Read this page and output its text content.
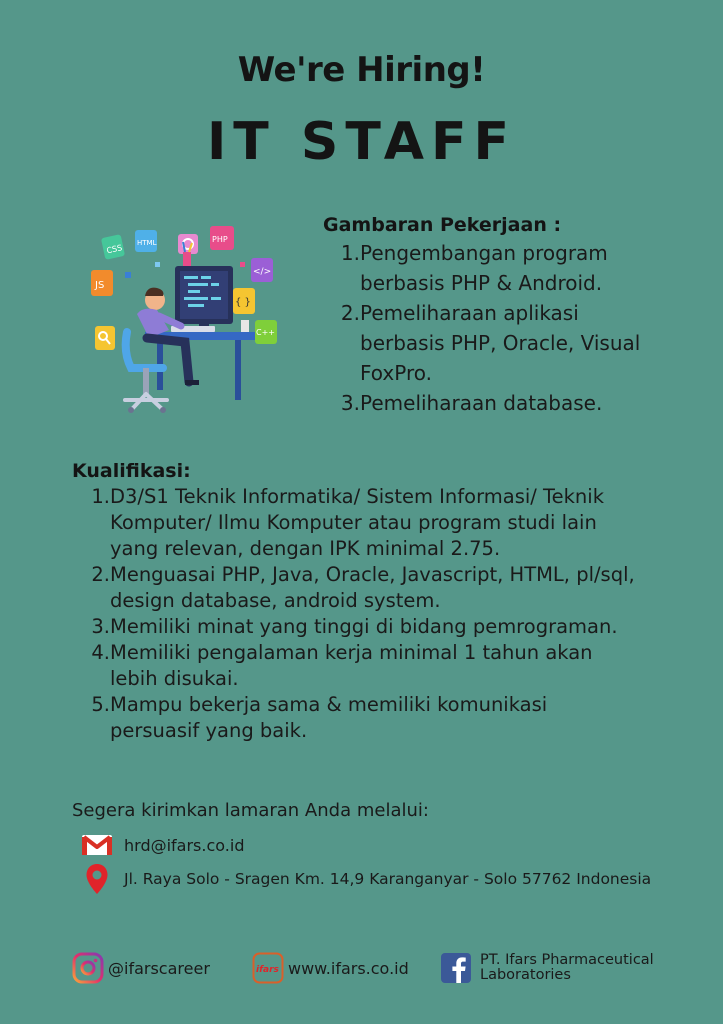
We're Hiring!
IT STAFF
CSS
HTML	PHP
JS
</>
{ }
C++
Gambaran Pekerjaan :
1. Pengembangan program
berbasis PHP & Android.
2. Pemeliharaan aplikasi
berbasis PHP, Oracle, Visual
FoxPro.
3. Pemeliharaan database.
Kualifikasi:
1. D3/S1 Teknik Informatika/ Sistem Informasi/ Teknik
Komputer/ Ilmu Komputer atau program studi lain
yang relevan, dengan IPK minimal 2.75.
2. Menguasai PHP, Java, Oracle, Javascript, HTML, pl/sql,
design database, android system.
3. Memiliki minat yang tinggi di bidang pemrograman.
4. Memiliki pengalaman kerja minimal 1 tahun akan
lebih disukai.
5. Mampu bekerja sama & memiliki komunikasi
persuasif yang baik.
Segera kirimkan lamaran Anda melalui:
hrd@ifars.co.id
Jl. Raya Solo - Sragen Km. 14,9 Karanganyar - Solo 57762 Indonesia
@ifarscareer	ifars www.ifars.co.id	PT. Ifars Pharmaceutical
Laboratories
